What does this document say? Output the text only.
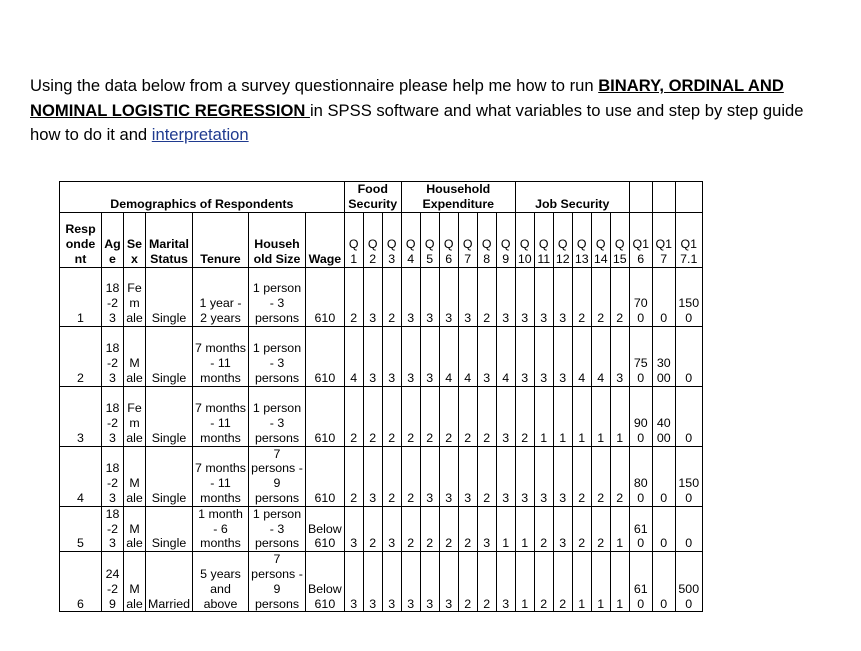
Using the data below from a survey questionnaire please help me how to run BINARY, ORDINAL AND NOMINAL LOGISTIC REGRESSION in SPSS software and what variables to use and step by step guide how to do it and interpretation
Demographics of Respondents							Food Security			Household Expenditure						Job Security								
Respondent	Age	Sex	Marital Status	Tenure	Household Size	Wage	Q1	Q2	Q3	Q4	Q5	Q6	Q7	Q8	Q9	Q10	Q11	Q12	Q13	Q14	Q15	Q16	Q17	Q17.1
1	18-23	Female	Single	1 year - 2 years	1 person - 3 persons	610	2	3	2	3	3	3	3	2	3	3	3	3	2	2	2	700	0	1500
2	18-23	Male	Single	7 months - 11 months	1 person - 3 persons	610	4	3	3	3	3	4	4	3	4	3	3	3	4	4	3	750	3000	0
3	18-23	Female	Single	7 months - 11 months	1 person - 3 persons	610	2	2	2	2	2	2	2	2	3	2	1	1	1	1	1	900	4000	0
4	18-23	Male	Single	7 months - 11 months	7 persons - 9 persons	610	2	3	2	2	3	3	3	2	3	3	3	3	2	2	2	800	0	1500
5	18-23	Male	Single	1 month - 6 months	1 person - 3 persons	Below 610	3	2	3	2	2	2	2	3	1	1	2	3	2	2	1	610	0	0
6	24-29	Male	Married	5 years and above	7 persons - 9 persons	Below 610	3	3	3	3	3	3	2	2	3	1	2	2	1	1	1	610	0	5000
